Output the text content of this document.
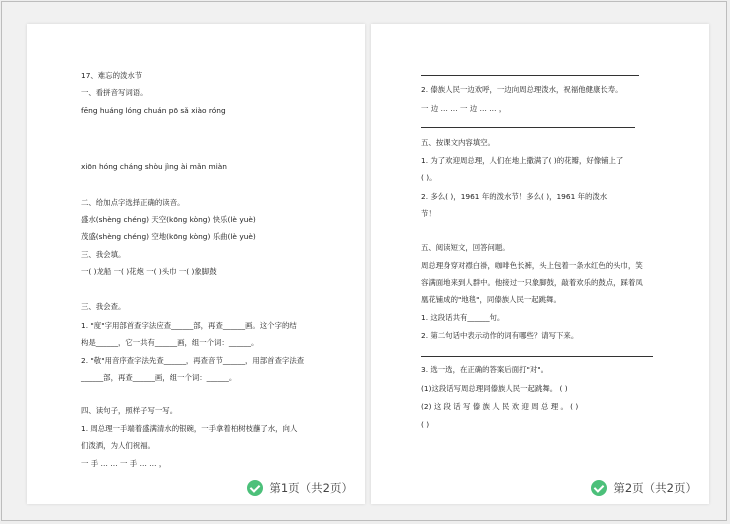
17、难忘的泼水节
一、看拼音写词语。
fēng huáng lóng chuán pō sǎ xiào róng
xiōn hóng cháng shòu jìng ài mǎn miàn
二、给加点字选择正确的读音。
盛水(shèng chéng) 天空(kōng kòng) 快乐(lè yuè)
茂盛(shèng chéng) 空地(kōng kòng) 乐曲(lè yuè)
三、我会填。
一( )龙船 一( )花炮 一( )头巾 一( )象脚鼓
三、我会查。
1. "度"字用部首查字法应查______部，再查______画。这个字的结
构是______，它一共有______画，组一个词：______。
2. "敬"用音序查字法先查______，再查音节______，用部首查字法查
______部，再查______画，组一个词：______。
四、读句子，照样子写一写。
1. 周总理一手端着盛满清水的银碗，一手拿着柏树枝蘸了水，向人
们泼洒，为人们祝福。
一 手 … … 一 手 … … ，
第1页（共2页）
2. 傣族人民一边欢呼，一边向周总理泼水，祝福他健康长寿。
一 边 … … 一 边 … … ，
五、按课文内容填空。
1. 为了欢迎周总理，人们在地上撒满了( )的花瓣，好像铺上了
( )。
2. 多么( )，1961 年的泼水节！多么( )，1961 年的泼水
节！
五、阅读短文，回答问题。
周总理身穿对襟白褂，咖啡色长裤，头上包着一条水红色的头巾，笑
容满面地来到人群中。他接过一只象脚鼓，敲着欢乐的鼓点，踩着凤
凰花铺成的"地毯"，同傣族人民一起跳舞。
1. 这段话共有______句。
2. 第二句话中表示动作的词有哪些？请写下来。
3. 选一选，在正确的答案后面打"对"。
(1)这段话写周总理同傣族人民一起跳舞。 ( )
(2) 这 段 话 写 傣 族 人 民 欢 迎 周 总 理 。 ( )
( )
第2页（共2页）
